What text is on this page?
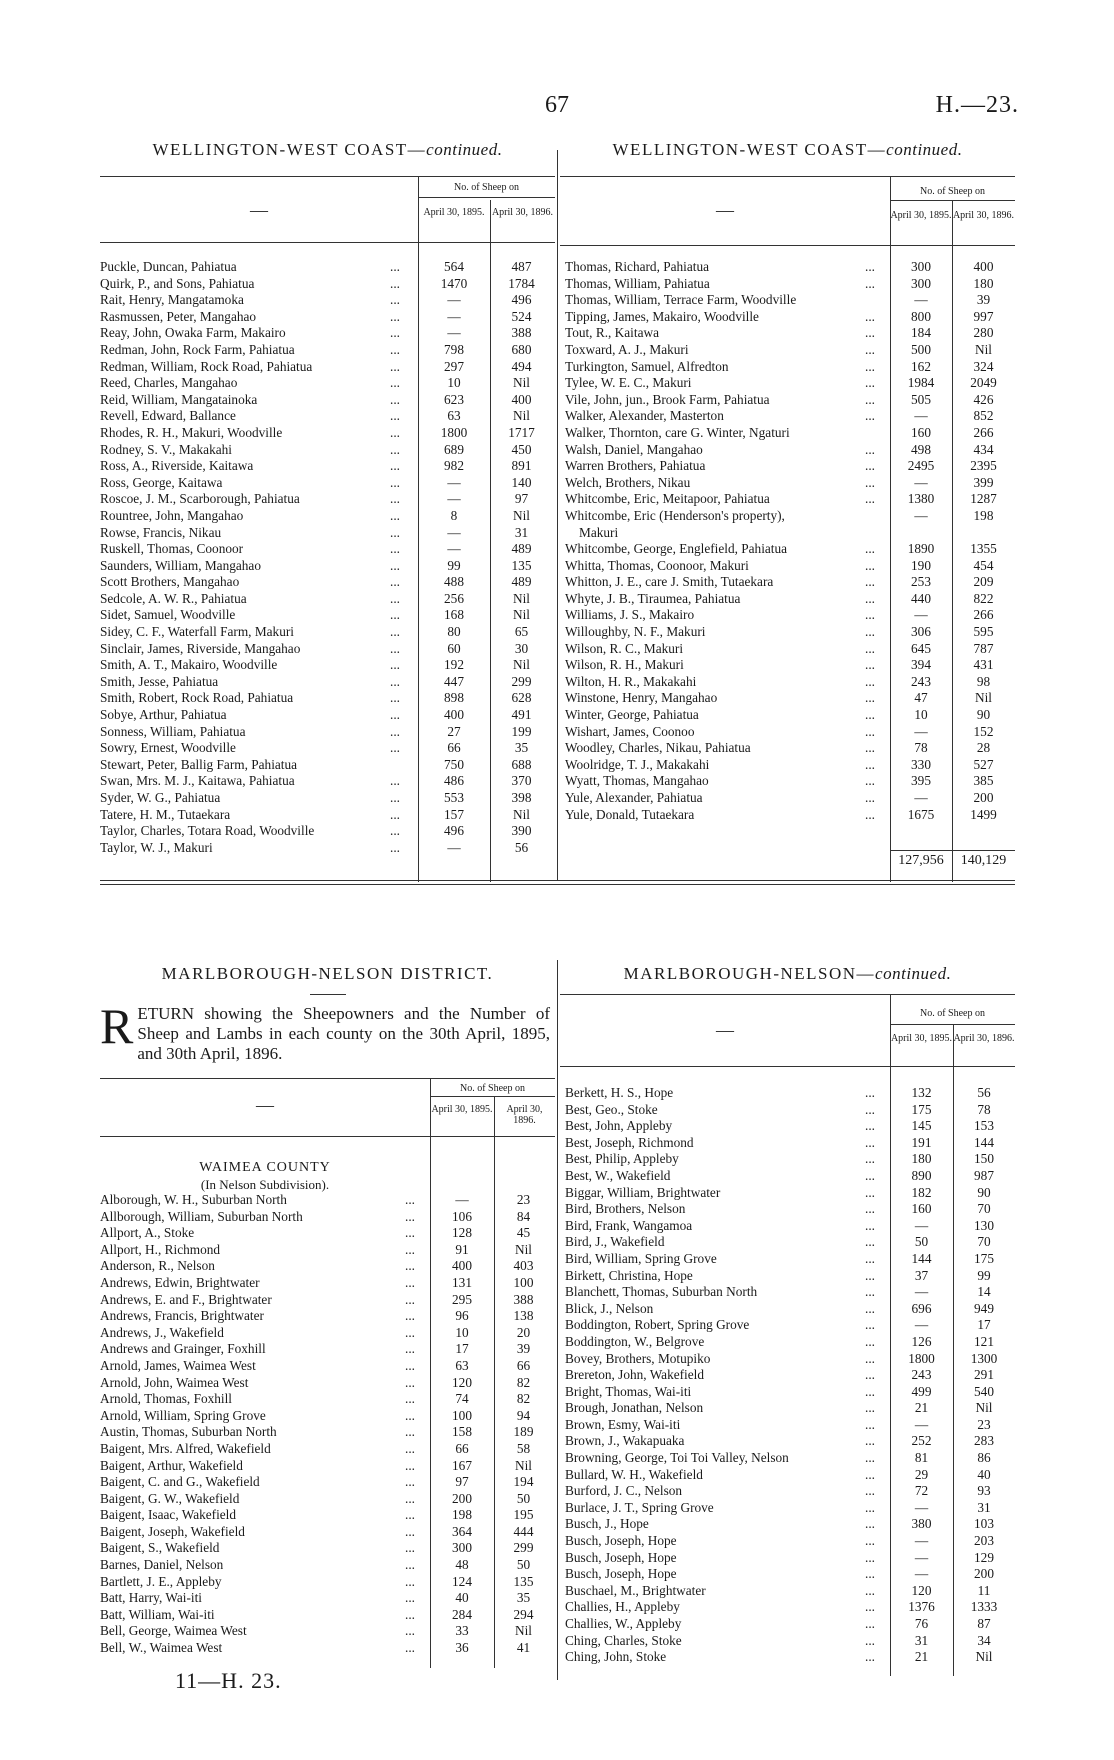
67	H.—23.
WELLINGTON-WEST COAST—continued.
—
No. of Sheep on
April 30, 1895. April 30, 1896.
Puckle, Duncan, Pahiatua	...	564	487
Quirk, P., and Sons, Pahiatua	...	1470	1784
Rait, Henry, Mangatamoka	...	—	496
Rasmussen, Peter, Mangahao	...	—	524
Reay, John, Owaka Farm, Makairo	...	—	388
Redman, John, Rock Farm, Pahiatua	...	798	680
Redman, William, Rock Road, Pahiatua	...	297	494
Reed, Charles, Mangahao	...	10	Nil
Reid, William, Mangatainoka	...	623	400
Revell, Edward, Ballance	...	63	Nil
Rhodes, R. H., Makuri, Woodville	...	1800	1717
Rodney, S. V., Makakahi	...	689	450
Ross, A., Riverside, Kaitawa	...	982	891
Ross, George, Kaitawa	...	—	140
Roscoe, J. M., Scarborough, Pahiatua	...	—	97
Rountree, John, Mangahao	...	8	Nil
Rowse, Francis, Nikau	...	—	31
Ruskell, Thomas, Coonoor	...	—	489
Saunders, William, Mangahao	...	99	135
Scott Brothers, Mangahao	...	488	489
Sedcole, A. W. R., Pahiatua	...	256	Nil
Sidet, Samuel, Woodville	...	168	Nil
Sidey, C. F., Waterfall Farm, Makuri	...	80	65
Sinclair, James, Riverside, Mangahao	...	60	30
Smith, A. T., Makairo, Woodville	...	192	Nil
Smith, Jesse, Pahiatua	...	447	299
Smith, Robert, Rock Road, Pahiatua	...	898	628
Sobye, Arthur, Pahiatua	...	400	491
Sonness, William, Pahiatua	...	27	199
Sowry, Ernest, Woodville	...	66	35
Stewart, Peter, Ballig Farm, Pahiatua		750	688
Swan, Mrs. M. J., Kaitawa, Pahiatua	...	486	370
Syder, W. G., Pahiatua	...	553	398
Tatere, H. M., Tutaekara	...	157	Nil
Taylor, Charles, Totara Road, Woodville	...	496	390
Taylor, W. J., Makuri	...	—	56
WELLINGTON-WEST COAST—continued.
—
No. of Sheep on
April 30, 1895. April 30, 1896.
Thomas, Richard, Pahiatua	...	300	400
Thomas, William, Pahiatua	...	300	180
Thomas, William, Terrace Farm, Woodville		—	39
Tipping, James, Makairo, Woodville	...	800	997
Tout, R., Kaitawa	...	184	280
Toxward, A. J., Makuri	...	500	Nil
Turkington, Samuel, Alfredton	...	162	324
Tylee, W. E. C., Makuri	...	1984	2049
Vile, John, jun., Brook Farm, Pahiatua	...	505	426
Walker, Alexander, Masterton	...	—	852
Walker, Thornton, care G. Winter, Ngaturi		160	266
Walsh, Daniel, Mangahao	...	498	434
Warren Brothers, Pahiatua	...	2495	2395
Welch, Brothers, Nikau	...	—	399
Whitcombe, Eric, Meitapoor, Pahiatua	...	1380	1287
Whitcombe, Eric (Henderson's property),		—	198
Makuri			
Whitcombe, George, Englefield, Pahiatua	...	1890	1355
Whitta, Thomas, Coonoor, Makuri	...	190	454
Whitton, J. E., care J. Smith, Tutaekara	...	253	209
Whyte, J. B., Tiraumea, Pahiatua	...	440	822
Williams, J. S., Makairo	...	—	266
Willoughby, N. F., Makuri	...	306	595
Wilson, R. C., Makuri	...	645	787
Wilson, R. H., Makuri	...	394	431
Wilton, H. R., Makakahi	...	243	98
Winstone, Henry, Mangahao	...	47	Nil
Winter, George, Pahiatua	...	10	90
Wishart, James, Coonoo	...	—	152
Woodley, Charles, Nikau, Pahiatua	...	78	28
Woolridge, T. J., Makakahi	...	330	527
Wyatt, Thomas, Mangahao	...	395	385
Yule, Alexander, Pahiatua	...	—	200
Yule, Donald, Tutaekara	...	1675	1499
127,956	140,129
MARLBOROUGH-NELSON DISTRICT.
RETURN showing the Sheepowners and the Number of Sheep and Lambs in each county on the 30th April, 1895, and 30th April, 1896.
—
No. of Sheep on
April 30, 1895.	April 30, 1896.
WAIMEA COUNTY
(In Nelson Subdivision).
Alborough, W. H., Suburban North	...	—	23
Allborough, William, Suburban North	...	106	84
Allport, A., Stoke	...	128	45
Allport, H., Richmond	...	91	Nil
Anderson, R., Nelson	...	400	403
Andrews, Edwin, Brightwater	...	131	100
Andrews, E. and F., Brightwater	...	295	388
Andrews, Francis, Brightwater	...	96	138
Andrews, J., Wakefield	...	10	20
Andrews and Grainger, Foxhill	...	17	39
Arnold, James, Waimea West	...	63	66
Arnold, John, Waimea West	...	120	82
Arnold, Thomas, Foxhill	...	74	82
Arnold, William, Spring Grove	...	100	94
Austin, Thomas, Suburban North	...	158	189
Baigent, Mrs. Alfred, Wakefield	...	66	58
Baigent, Arthur, Wakefield	...	167	Nil
Baigent, C. and G., Wakefield	...	97	194
Baigent, G. W., Wakefield	...	200	50
Baigent, Isaac, Wakefield	...	198	195
Baigent, Joseph, Wakefield	...	364	444
Baigent, S., Wakefield	...	300	299
Barnes, Daniel, Nelson	...	48	50
Bartlett, J. E., Appleby	...	124	135
Batt, Harry, Wai-iti	...	40	35
Batt, William, Wai-iti	...	284	294
Bell, George, Waimea West	...	33	Nil
Bell, W., Waimea West	...	36	41
11—H. 23.
MARLBOROUGH-NELSON—continued.
—
No. of Sheep on
April 30, 1895. April 30, 1896.
Berkett, H. S., Hope	...	132	56
Best, Geo., Stoke	...	175	78
Best, John, Appleby	...	145	153
Best, Joseph, Richmond	...	191	144
Best, Philip, Appleby	...	180	150
Best, W., Wakefield	...	890	987
Biggar, William, Brightwater	...	182	90
Bird, Brothers, Nelson	...	160	70
Bird, Frank, Wangamoa	...	—	130
Bird, J., Wakefield	...	50	70
Bird, William, Spring Grove	...	144	175
Birkett, Christina, Hope	...	37	99
Blanchett, Thomas, Suburban North	...	—	14
Blick, J., Nelson	...	696	949
Boddington, Robert, Spring Grove	...	—	17
Boddington, W., Belgrove	...	126	121
Bovey, Brothers, Motupiko	...	1800	1300
Brereton, John, Wakefield	...	243	291
Bright, Thomas, Wai-iti	...	499	540
Brough, Jonathan, Nelson	...	21	Nil
Brown, Esmy, Wai-iti	...	—	23
Brown, J., Wakapuaka	...	252	283
Browning, George, Toi Toi Valley, Nelson	...	81	86
Bullard, W. H., Wakefield	...	29	40
Burford, J. C., Nelson	...	72	93
Burlace, J. T., Spring Grove	...	—	31
Busch, J., Hope	...	380	103
Busch, Joseph, Hope	...	—	203
Busch, Joseph, Hope	...	—	129
Busch, Joseph, Hope	...	—	200
Buschael, M., Brightwater	...	120	11
Challies, H., Appleby	...	1376	1333
Challies, W., Appleby	...	76	87
Ching, Charles, Stoke	...	31	34
Ching, John, Stoke	...	21	Nil
